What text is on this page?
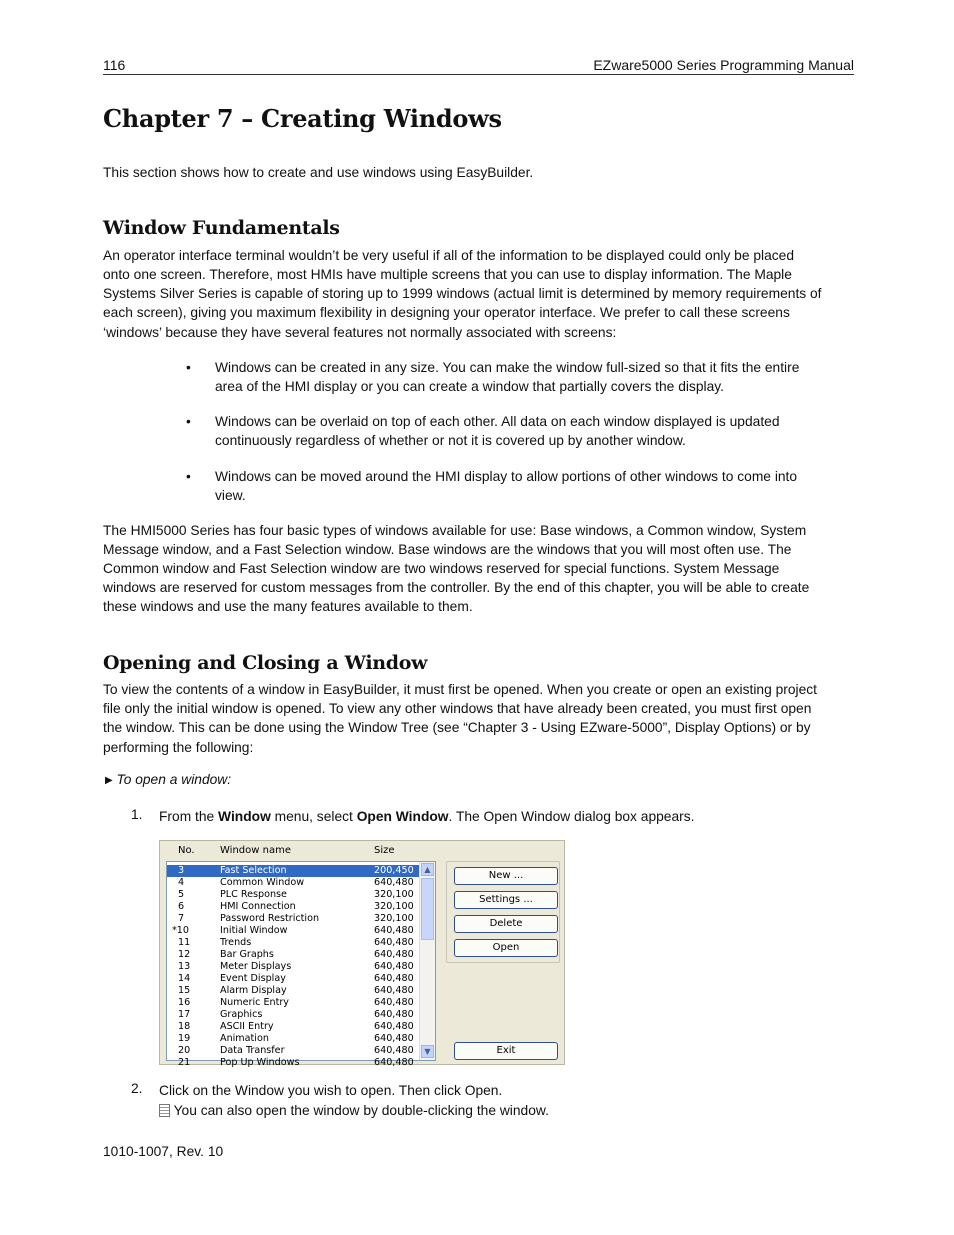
116	EZware5000 Series Programming Manual
Chapter 7 – Creating Windows

This section shows how to create and use windows using EasyBuilder.

Window Fundamentals

An operator interface terminal wouldn’t be very useful if all of the information to be displayed could only be placed

onto one screen. Therefore, most HMIs have multiple screens that you can use to display information. The Maple

Systems Silver Series is capable of storing up to 1999 windows (actual limit is determined by memory requirements of

each screen), giving you maximum flexibility in designing your operator interface. We prefer to call these screens

‘windows’ because they have several features not normally associated with screens:

• Windows can be created in any size. You can make the window full-sized so that it fits the entire
area of the HMI display or you can create a window that partially covers the display.
• Windows can be overlaid on top of each other. All data on each window displayed is updated
continuously regardless of whether or not it is covered up by another window.
• Windows can be moved around the HMI display to allow portions of other windows to come into
view.

The HMI5000 Series has four basic types of windows available for use: Base windows, a Common window, System

Message window, and a Fast Selection window. Base windows are the windows that you will most often use. The

Common window and Fast Selection window are two windows reserved for special functions. System Message

windows are reserved for custom messages from the controller. By the end of this chapter, you will be able to create

these windows and use the many features available to them.

Opening and Closing a Window

To view the contents of a window in EasyBuilder, it must first be opened. When you create or open an existing project

file only the initial window is opened. To view any other windows that have already been created, you must first open

the window. This can be done using the Window Tree (see “Chapter 3 - Using EZware-5000”, Display Options) or by

performing the following:

▶ To open a window:
1. From the Window menu, select Open Window. The Open Window dialog box appears.
No.	Window name	Size
21	Pop Up Windows	640,480
20	Data Transfer	640,480
19	Animation	640,480
18	ASCII Entry	640,480
17	Graphics	640,480
16	Numeric Entry	640,480
15	Alarm Display	640,480
14	Event Display	640,480
13	Meter Displays	640,480
12	Bar Graphs	640,480
11	Trends	640,480
*10	Initial Window	640,480
7	Password Restriction	320,100
6	HMI Connection	320,100
5	PLC Response	320,100
4	Common Window	640,480
3	Fast Selection	200,450	▲
▼
New ...
Settings ...
Delete
Open
Exit
2. Click on the Window you wish to open. Then click Open.
You can also open the window by double-clicking the window.
1010-1007, Rev. 10
